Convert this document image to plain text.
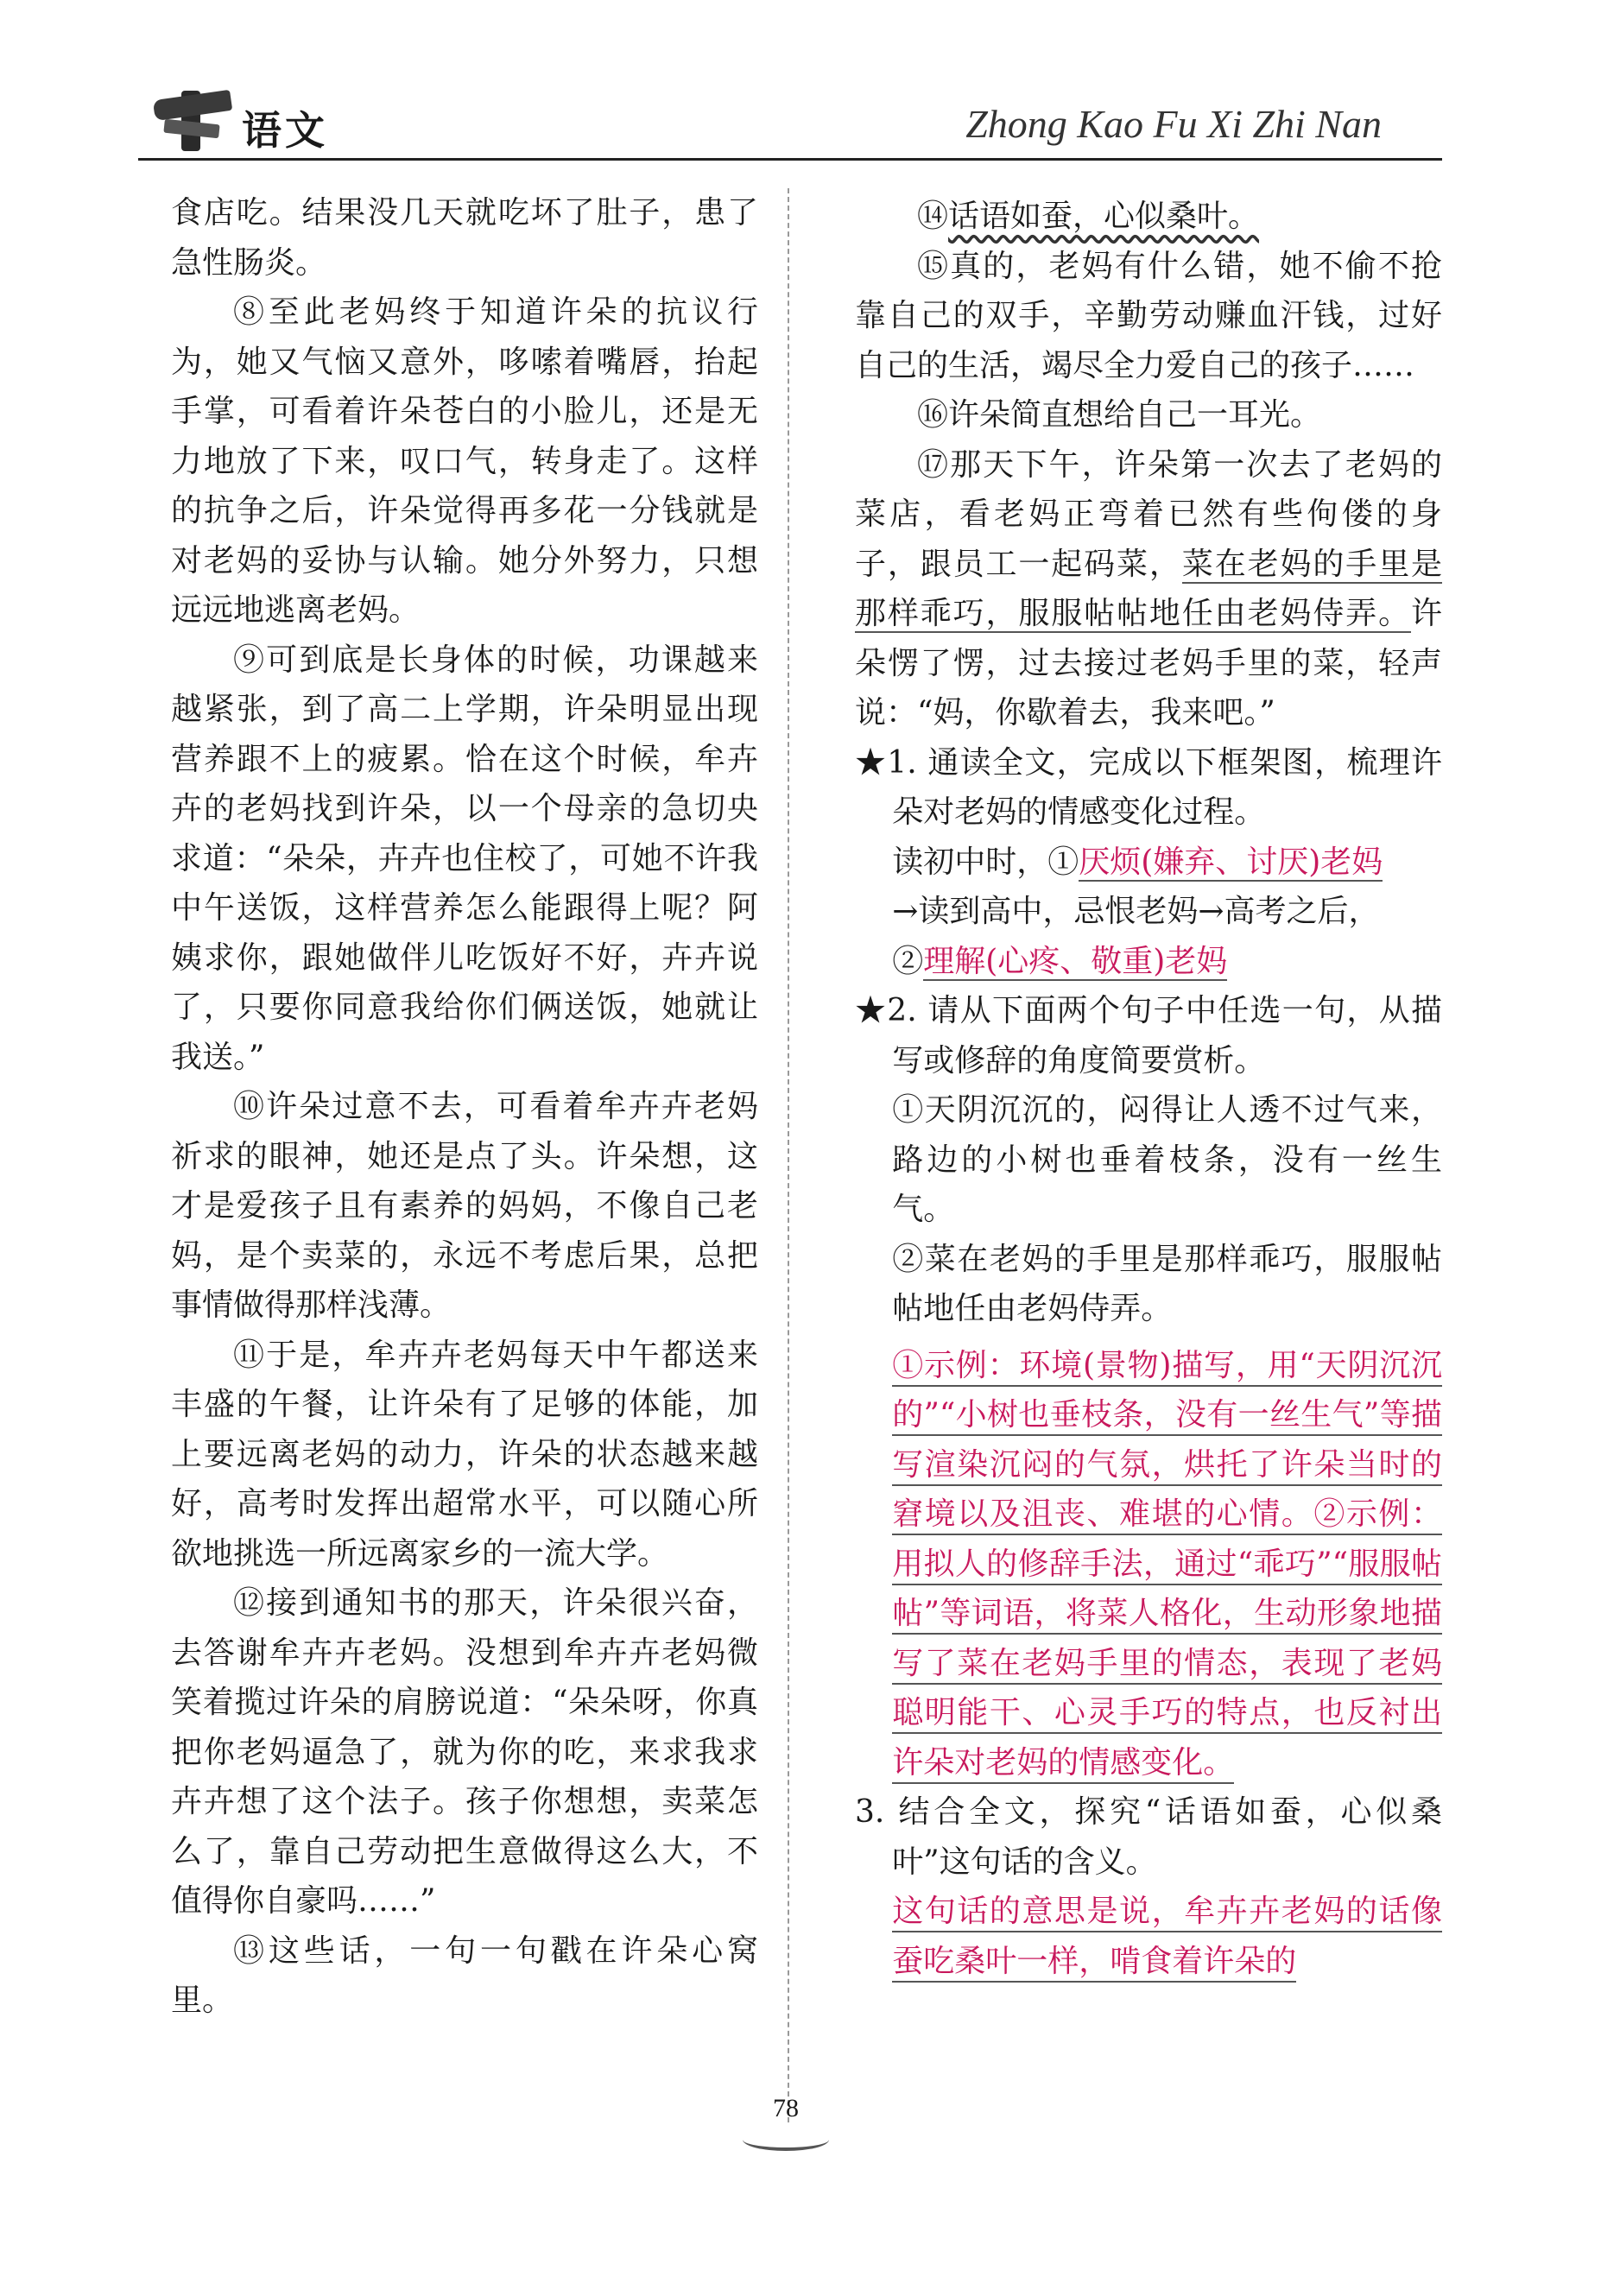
语文	Zhong Kao Fu Xi Zhi Nan

食店吃。结果没几天就吃坏了肚子，患了急性肠炎。

⑧至此老妈终于知道许朵的抗议行为，她又气恼又意外，哆嗦着嘴唇，抬起手掌，可看着许朵苍白的小脸儿，还是无力地放了下来，叹口气，转身走了。这样的抗争之后，许朵觉得再多花一分钱就是对老妈的妥协与认输。她分外努力，只想远远地逃离老妈。

⑨可到底是长身体的时候，功课越来越紧张，到了高二上学期，许朵明显出现营养跟不上的疲累。恰在这个时候，牟卉卉的老妈找到许朵，以一个母亲的急切央求道：“朵朵，卉卉也住校了，可她不许我中午送饭，这样营养怎么能跟得上呢？阿姨求你，跟她做伴儿吃饭好不好，卉卉说了，只要你同意我给你们俩送饭，她就让我送。”

⑩许朵过意不去，可看着牟卉卉老妈祈求的眼神，她还是点了头。许朵想，这才是爱孩子且有素养的妈妈，不像自己老妈，是个卖菜的，永远不考虑后果，总把事情做得那样浅薄。

⑪于是，牟卉卉老妈每天中午都送来丰盛的午餐，让许朵有了足够的体能，加上要远离老妈的动力，许朵的状态越来越好，高考时发挥出超常水平，可以随心所欲地挑选一所远离家乡的一流大学。

⑫接到通知书的那天，许朵很兴奋，去答谢牟卉卉老妈。没想到牟卉卉老妈微笑着揽过许朵的肩膀说道：“朵朵呀，你真把你老妈逼急了，就为你的吃，来求我求卉卉想了这个法子。孩子你想想，卖菜怎么了，靠自己劳动把生意做得这么大，不值得你自豪吗……”

⑬这些话，一句一句戳在许朵心窝里。

⑭话语如蚕，心似桑叶。

⑮真的，老妈有什么错，她不偷不抢靠自己的双手，辛勤劳动赚血汗钱，过好自己的生活，竭尽全力爱自己的孩子……

⑯许朵简直想给自己一耳光。

⑰那天下午，许朵第一次去了老妈的菜店，看老妈正弯着已然有些佝偻的身子，跟员工一起码菜，菜在老妈的手里是那样乖巧，服服帖帖地任由老妈侍弄。许朵愣了愣，过去接过老妈手里的菜，轻声说：“妈，你歇着去，我来吧。”

★1. 通读全文，完成以下框架图，梳理许朵对老妈的情感变化过程。

读初中时，①厌烦(嫌弃、讨厌)老妈

→读到高中，忌恨老妈→高考之后，

②理解(心疼、敬重)老妈

★2. 请从下面两个句子中任选一句，从描写或修辞的角度简要赏析。

①天阴沉沉的，闷得让人透不过气来，路边的小树也垂着枝条，没有一丝生气。

②菜在老妈的手里是那样乖巧，服服帖帖地任由老妈侍弄。

①示例：环境(景物)描写，用“天阴沉沉的”“小树也垂枝条，没有一丝生气”等描写渲染沉闷的气氛，烘托了许朵当时的窘境以及沮丧、难堪的心情。②示例：用拟人的修辞手法，通过“乖巧”“服服帖帖”等词语，将菜人格化，生动形象地描写了菜在老妈手里的情态，表现了老妈聪明能干、心灵手巧的特点，也反衬出许朵对老妈的情感变化。

3. 结合全文，探究“话语如蚕，心似桑叶”这句话的含义。

这句话的意思是说，牟卉卉老妈的话像蚕吃桑叶一样，啃食着许朵的

78
